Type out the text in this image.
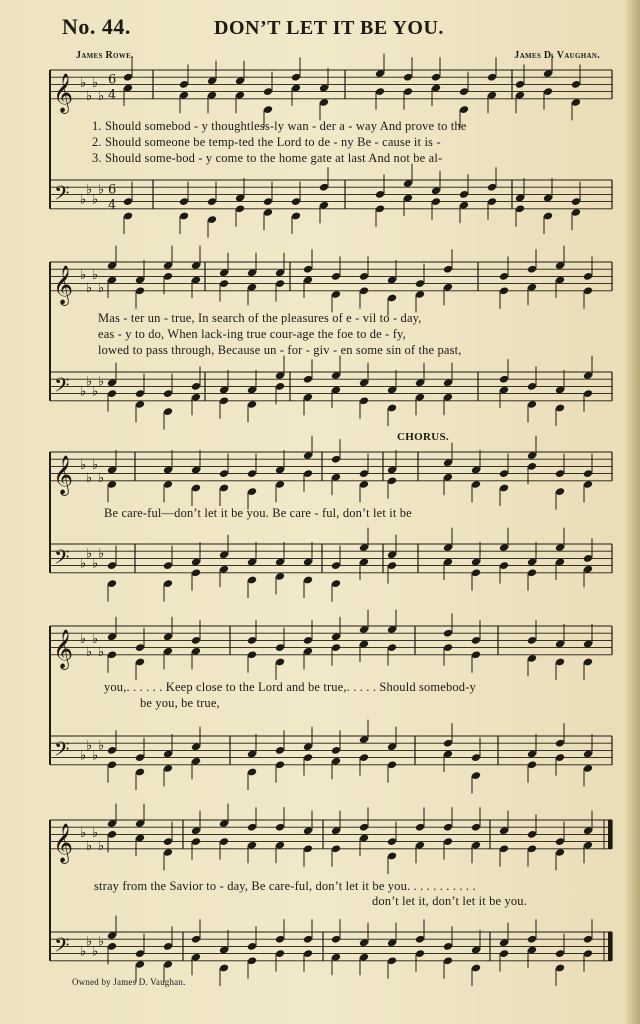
No. 44.	DON’T LET IT BE YOU.
James Rowe.	James D. Vaughan.
𝄞
𝄢
♭
♭
♭
♭
♭
♭
♭
♭
6
4
6
4
𝄞
𝄢
♭
♭
♭
♭
♭
♭
♭
♭
𝄞
𝄢
♭
♭
♭
♭
♭
♭
♭
♭
𝄞
𝄢
♭
♭
♭
♭
♭
♭
♭
♭
𝄞
𝄢
♭
♭
♭
♭
♭
♭
♭
♭
1. Should somebod - y thoughtless-ly wan - der a - way And prove to the
2. Should someone be temp-ted the Lord to de - ny Be - cause it is -
3. Should some-bod - y come to the home gate at last And not be al-
Mas - ter un - true, In search of the pleasures of e - vil to - day,
eas - y to do, When lack-ing true cour-age the foe to de - fy,
lowed to pass through, Because un - for - giv - en some sin of the past,
CHORUS.
Be care-ful—don’t let it be you. Be care - ful, don’t let it be
you,. . . . . . Keep close to the Lord and be true,. . . . . Should somebod-y
be you, be true,
stray from the Savior to - day, Be care-ful, don’t let it be you. . . . . . . . . . .
don’t let it, don’t let it be you.
Owned by James D. Vaughan.
